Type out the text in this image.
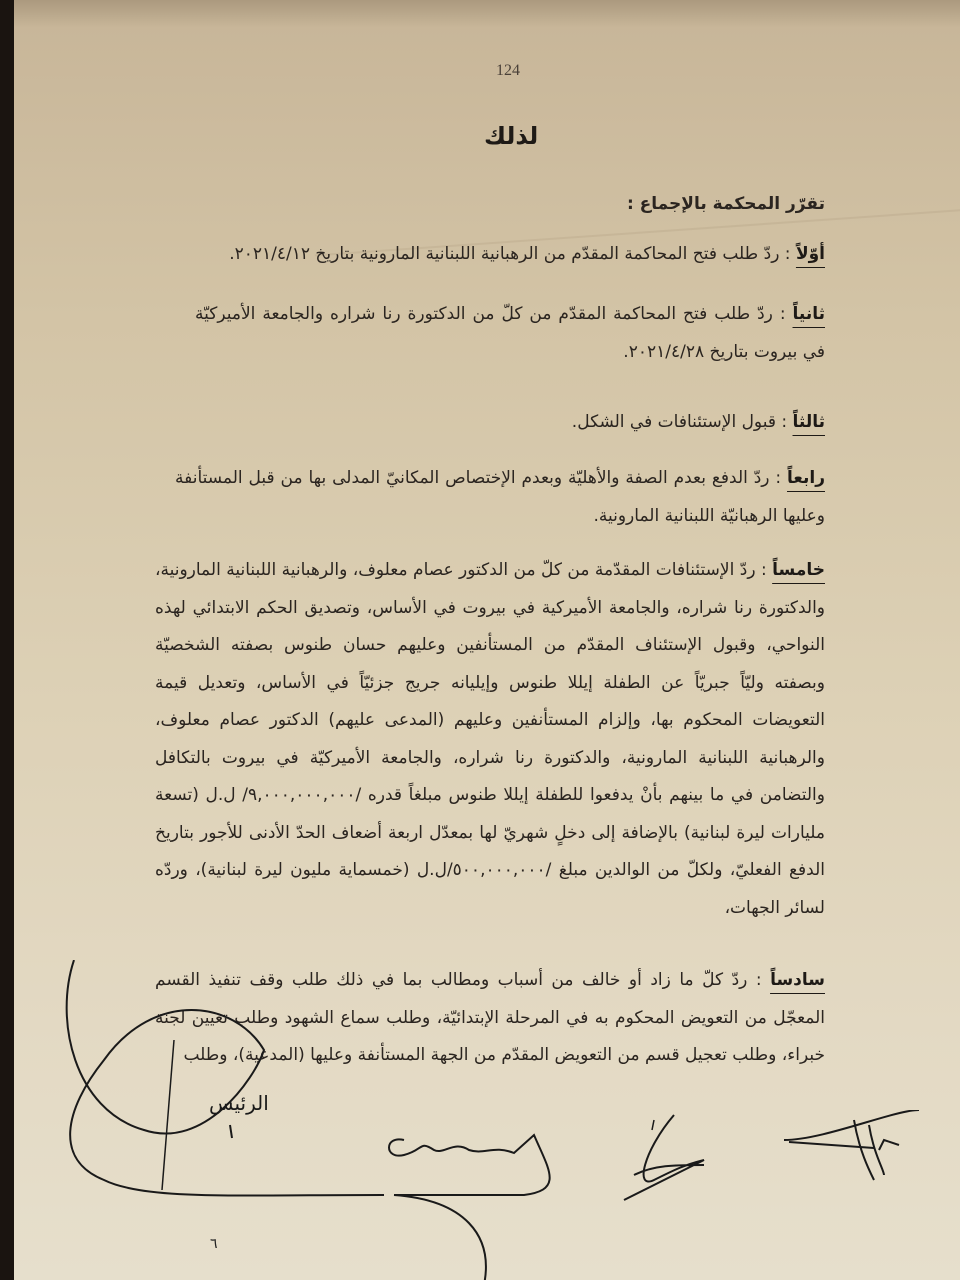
124
لذلك
تقرّر المحكمة بالإجماع :
أوّلاً : ردّ طلب فتح المحاكمة المقدّم من الرهبانية اللبنانية المارونية بتاريخ ٢٠٢١/٤/١٢.
ثانياً : ردّ طلب فتح المحاكمة المقدّم من كلّ من الدكتورة رنا شراره والجامعة الأميركيّة في بيروت بتاريخ ٢٠٢١/٤/٢٨.
ثالثاً : قبول الإستئنافات في الشكل.
رابعاً : ردّ الدفع بعدم الصفة والأهليّة وبعدم الإختصاص المكانيّ المدلى بها من قبل المستأنفة وعليها الرهبانيّة اللبنانية المارونية.
خامساً : ردّ الإستئنافات المقدّمة من كلّ من الدكتور عصام معلوف، والرهبانية اللبنانية المارونية، والدكتورة رنا شراره، والجامعة الأميركية في بيروت في الأساس، وتصديق الحكم الابتدائي لهذه النواحي، وقبول الإستئناف المقدّم من المستأنفين وعليهم حسان طنوس بصفته الشخصيّة وبصفته وليّاً جبريّاً عن الطفلة إيللا طنوس وإيليانه جريج جزئيّاً في الأساس، وتعديل قيمة التعويضات المحكوم بها، وإلزام المستأنفين وعليهم (المدعى عليهم) الدكتور عصام معلوف، والرهبانية اللبنانية المارونية، والدكتورة رنا شراره، والجامعة الأميركيّة في بيروت بالتكافل والتضامن في ما بينهم بأنْ يدفعوا للطفلة إيللا طنوس مبلغاً قدره /٩,٠٠٠,٠٠٠,٠٠٠/ ل.ل (تسعة مليارات ليرة لبنانية) بالإضافة إلى دخلٍ شهريّ لها بمعدّل اربعة أضعاف الحدّ الأدنى للأجور بتاريخ الدفع الفعليّ، ولكلّ من الوالدين مبلغ /٥٠٠,٠٠٠,٠٠٠/ل.ل (خمسماية مليون ليرة لبنانية)، وردّه لسائر الجهات،
سادساً : ردّ كلّ ما زاد أو خالف من أسباب ومطالب بما في ذلك طلب وقف تنفيذ القسم المعجّل من التعويض المحكوم به في المرحلة الإبتدائيّة، وطلب سماع الشهود وطلب تعيين لجنة خبراء، وطلب تعجيل قسم من التعويض المقدّم من الجهة المستأنفة وعليها (المدعية)، وطلب
الرئيس
٦
